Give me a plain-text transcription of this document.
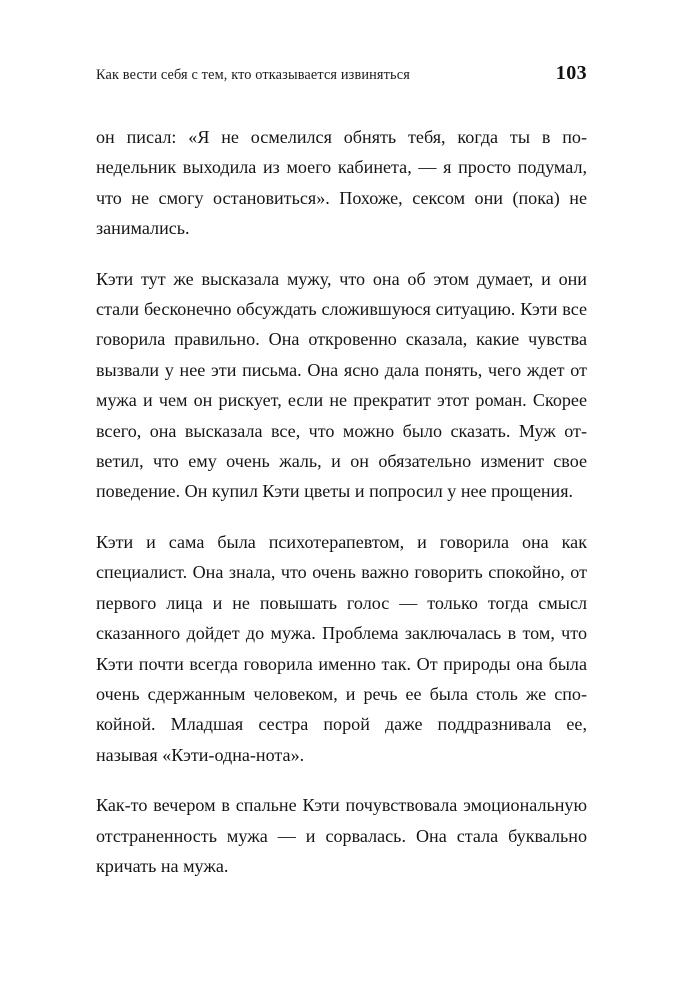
Как вести себя с тем, кто отказывается извиняться	103

он писал: «Я не осмелился обнять тебя, когда ты в понедельник выходила из моего кабинета, — я просто подумал, что не смогу остановиться». Похоже, сексом они (пока) не занимались.

Кэти тут же высказала мужу, что она об этом думает, и они стали бесконечно обсуждать сложившуюся ситуацию. Кэти все говорила правильно. Она откровенно сказала, какие чувства вызвали у нее эти письма. Она ясно дала понять, чего ждет от мужа и чем он рискует, если не прекратит этот роман. Скорее всего, она высказала все, что можно было сказать. Муж ответил, что ему очень жаль, и он обязательно изменит свое поведение. Он купил Кэти цветы и попросил у нее прощения.

Кэти и сама была психотерапевтом, и говорила она как специалист. Она знала, что очень важно говорить спокойно, от первого лица и не повышать голос — только тогда смысл сказанного дойдет до мужа. Проблема заключалась в том, что Кэти почти всегда говорила именно так. От природы она была очень сдержанным человеком, и речь ее была столь же спокойной. Младшая сестра порой даже поддразнивала ее, называя «Кэти-одна-нота».

Как-то вечером в спальне Кэти почувствовала эмоциональную отстраненность мужа — и сорвалась. Она стала буквально кричать на мужа.
